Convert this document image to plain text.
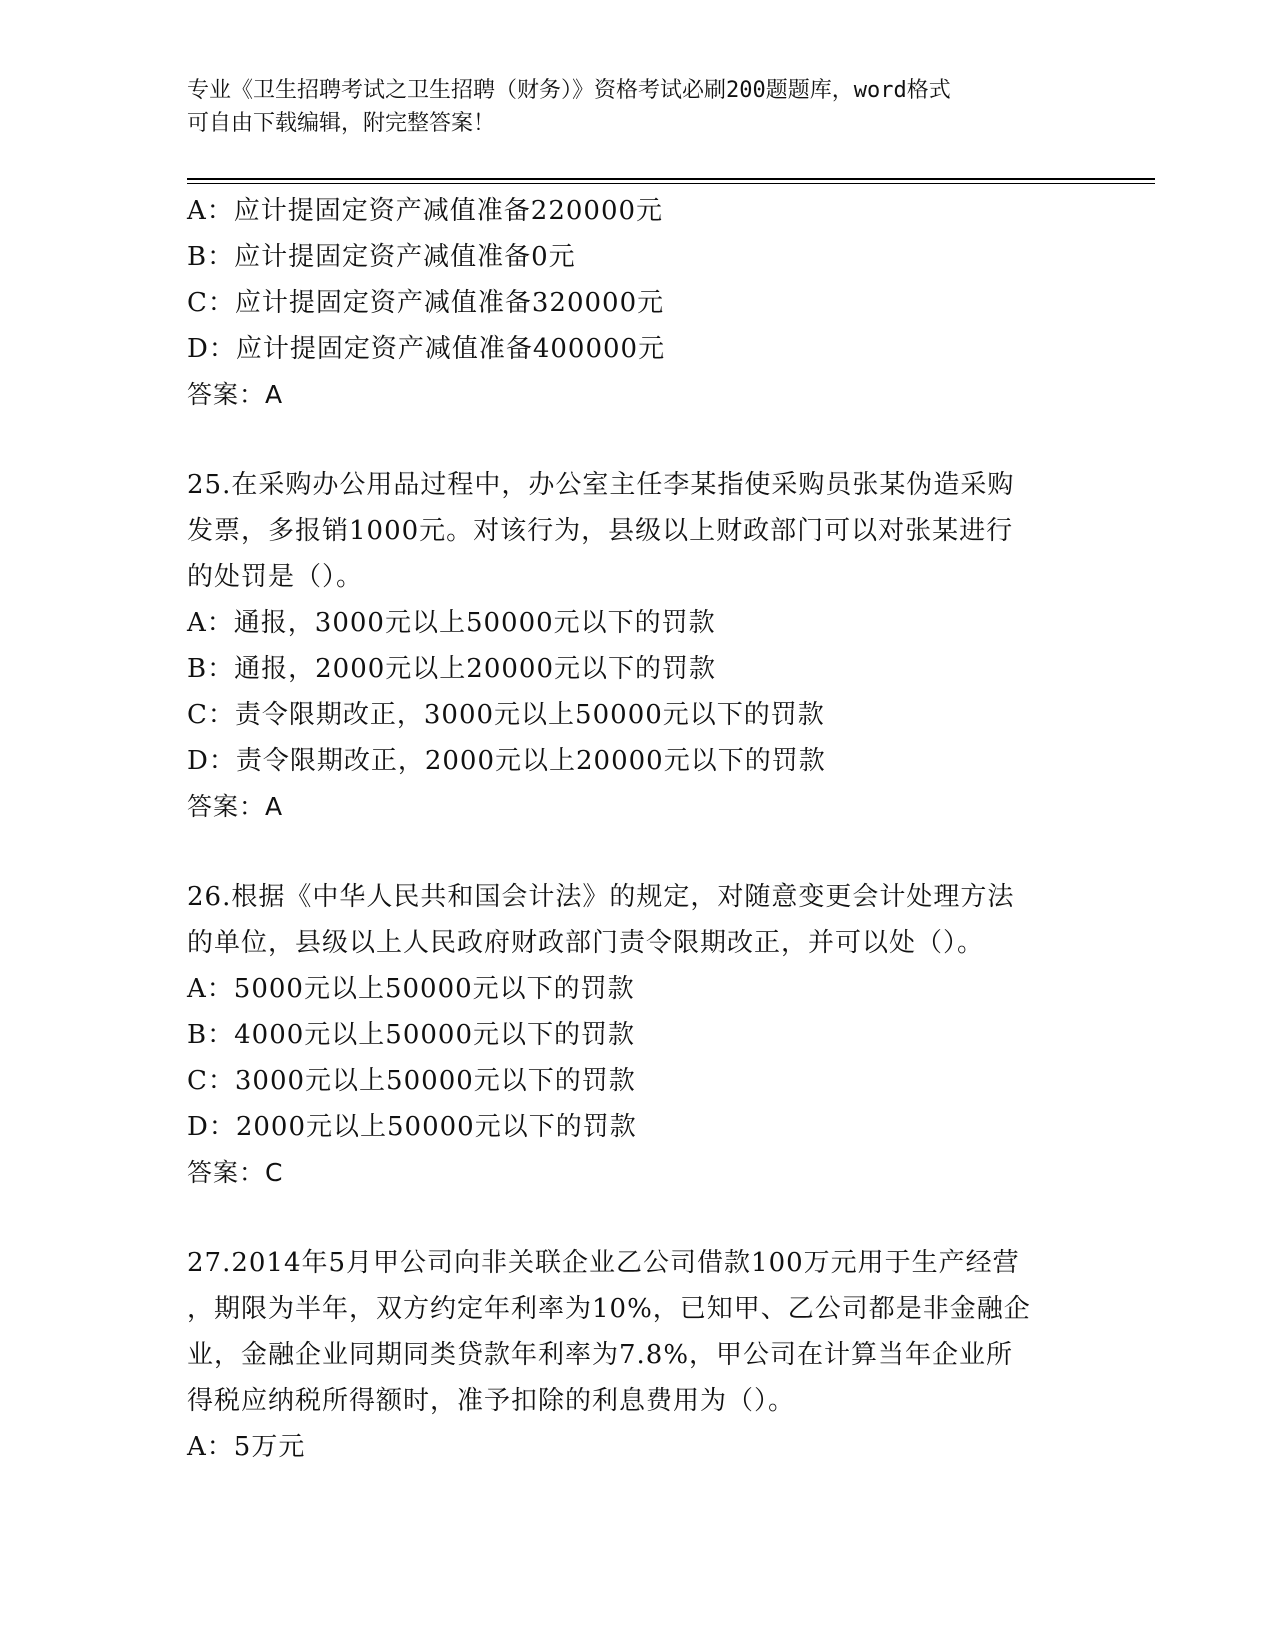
专业《卫生招聘考试之卫生招聘（财务）》资格考试必刷200题题库，word格式
可自由下载编辑，附完整答案！
A：应计提固定资产减值准备220000元
B：应计提固定资产减值准备0元
C：应计提固定资产减值准备320000元
D：应计提固定资产减值准备400000元
答案：A
25.在采购办公用品过程中，办公室主任李某指使采购员张某伪造采购
发票，多报销1000元。对该行为，县级以上财政部门可以对张某进行
的处罚是（）。
A：通报，3000元以上50000元以下的罚款
B：通报，2000元以上20000元以下的罚款
C：责令限期改正，3000元以上50000元以下的罚款
D：责令限期改正，2000元以上20000元以下的罚款
答案：A
26.根据《中华人民共和国会计法》的规定，对随意变更会计处理方法
的单位，县级以上人民政府财政部门责令限期改正，并可以处（）。
A：5000元以上50000元以下的罚款
B：4000元以上50000元以下的罚款
C：3000元以上50000元以下的罚款
D：2000元以上50000元以下的罚款
答案：C
27.2014年5月甲公司向非关联企业乙公司借款100万元用于生产经营
，期限为半年，双方约定年利率为10%，已知甲、乙公司都是非金融企
业，金融企业同期同类贷款年利率为7.8%，甲公司在计算当年企业所
得税应纳税所得额时，准予扣除的利息费用为（）。
A：5万元
